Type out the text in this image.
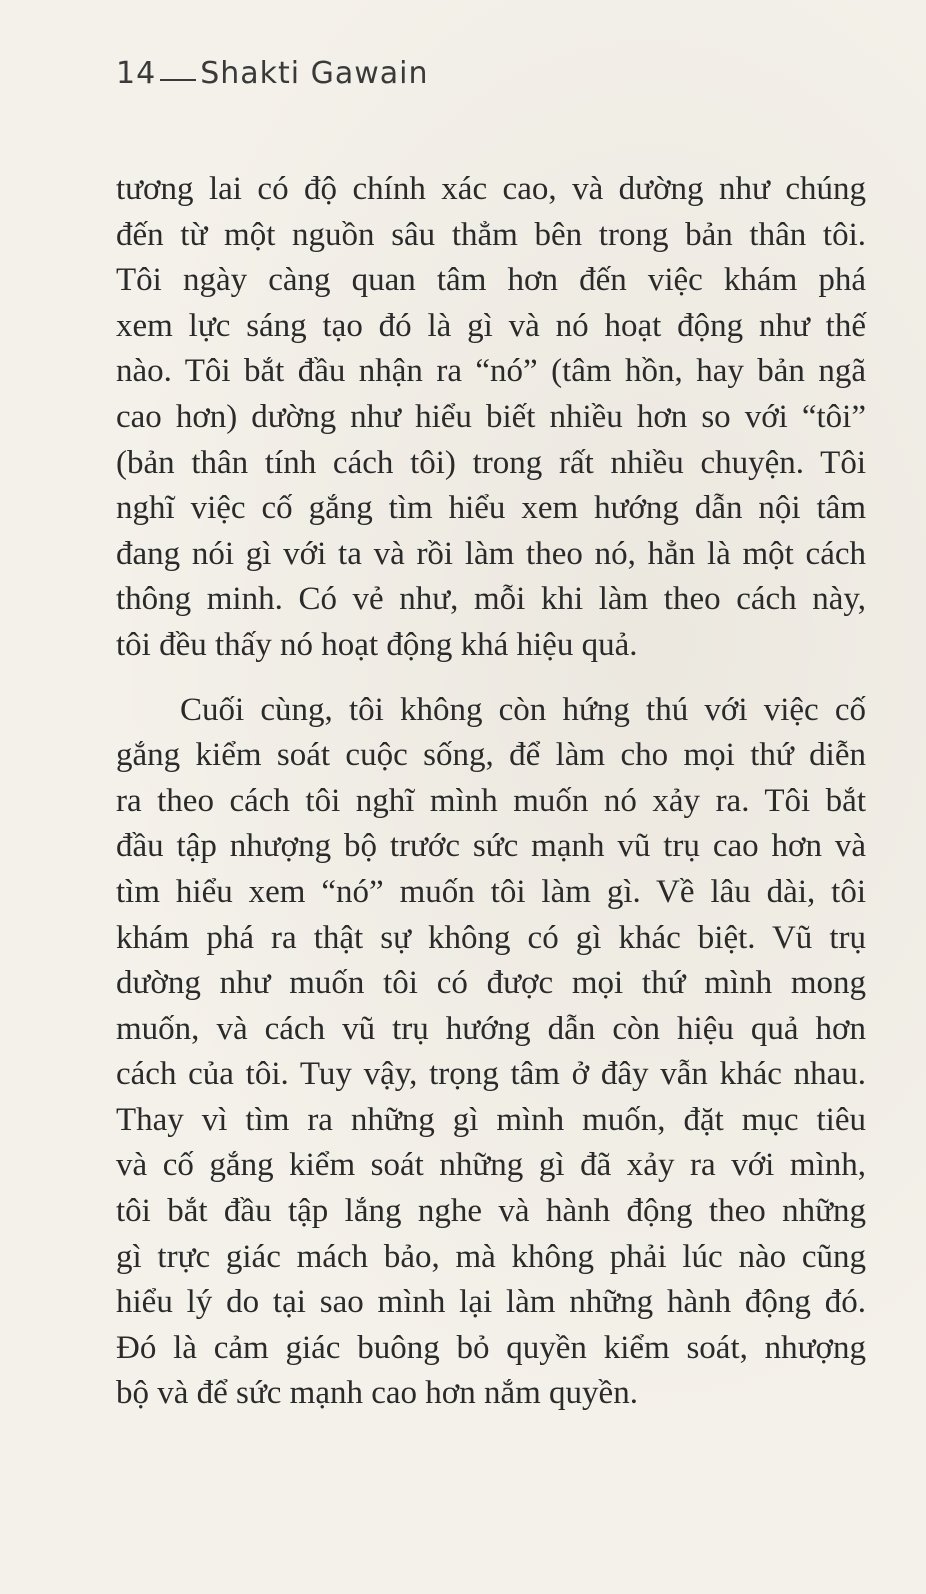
14 Shakti Gawain
tương lai có độ chính xác cao, và dường như chúng
đến từ một nguồn sâu thẳm bên trong bản thân tôi.
Tôi ngày càng quan tâm hơn đến việc khám phá
xem lực sáng tạo đó là gì và nó hoạt động như thế
nào. Tôi bắt đầu nhận ra “nó” (tâm hồn, hay bản ngã
cao hơn) dường như hiểu biết nhiều hơn so với “tôi”
(bản thân tính cách tôi) trong rất nhiều chuyện. Tôi
nghĩ việc cố gắng tìm hiểu xem hướng dẫn nội tâm
đang nói gì với ta và rồi làm theo nó, hẳn là một cách
thông minh. Có vẻ như, mỗi khi làm theo cách này,
tôi đều thấy nó hoạt động khá hiệu quả.
Cuối cùng, tôi không còn hứng thú với việc cố
gắng kiểm soát cuộc sống, để làm cho mọi thứ diễn
ra theo cách tôi nghĩ mình muốn nó xảy ra. Tôi bắt
đầu tập nhượng bộ trước sức mạnh vũ trụ cao hơn và
tìm hiểu xem “nó” muốn tôi làm gì. Về lâu dài, tôi
khám phá ra thật sự không có gì khác biệt. Vũ trụ
dường như muốn tôi có được mọi thứ mình mong
muốn, và cách vũ trụ hướng dẫn còn hiệu quả hơn
cách của tôi. Tuy vậy, trọng tâm ở đây vẫn khác nhau.
Thay vì tìm ra những gì mình muốn, đặt mục tiêu
và cố gắng kiểm soát những gì đã xảy ra với mình,
tôi bắt đầu tập lắng nghe và hành động theo những
gì trực giác mách bảo, mà không phải lúc nào cũng
hiểu lý do tại sao mình lại làm những hành động đó.
Đó là cảm giác buông bỏ quyền kiểm soát, nhượng
bộ và để sức mạnh cao hơn nắm quyền.
